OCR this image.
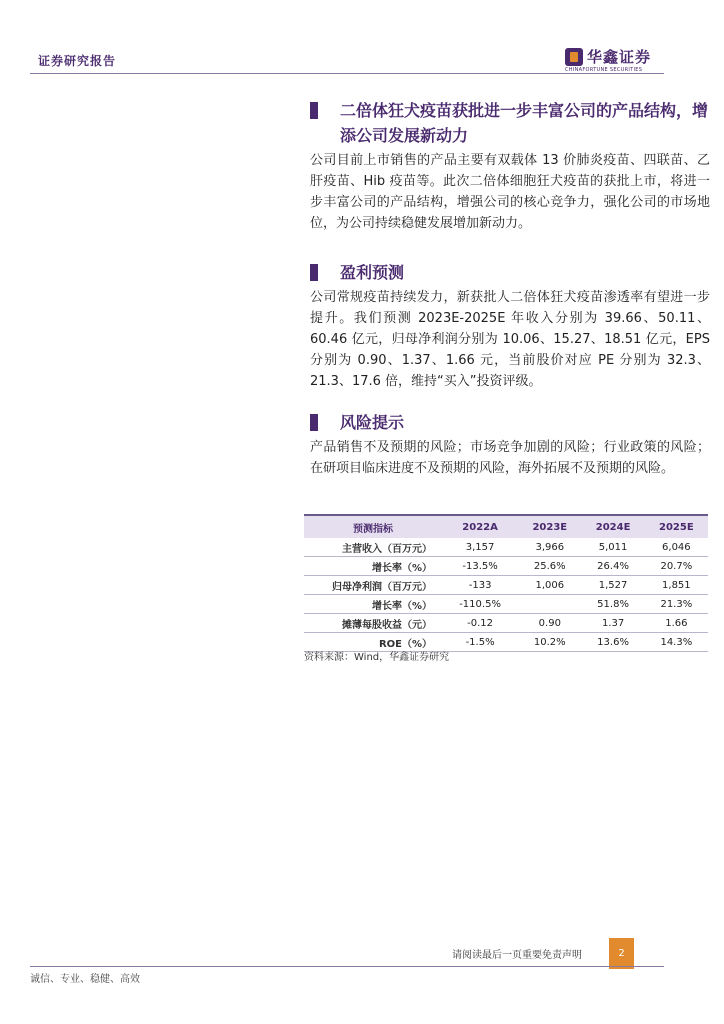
证券研究报告	华鑫证券
CHINAFORTUNE SECURITIES
二倍体狂犬疫苗获批进一步丰富公司的产品结构，增添公司发展新动力
公司目前上市销售的产品主要有双载体 13 价肺炎疫苗、四联苗、乙肝疫苗、Hib 疫苗等。此次二倍体细胞狂犬疫苗的获批上市，将进一步丰富公司的产品结构，增强公司的核心竞争力，强化公司的市场地位，为公司持续稳健发展增加新动力。
盈利预测
公司常规疫苗持续发力，新获批人二倍体狂犬疫苗渗透率有望进一步提升。我们预测 2023E-2025E 年收入分别为 39.66、50.11、60.46 亿元，归母净利润分别为 10.06、15.27、18.51 亿元，EPS 分别为 0.90、1.37、1.66 元，当前股价对应 PE 分别为 32.3、21.3、17.6 倍，维持“买入”投资评级。
风险提示
产品销售不及预期的风险；市场竞争加剧的风险；行业政策的风险；在研项目临床进度不及预期的风险，海外拓展不及预期的风险。
预测指标	2022A	2023E	2024E	2025E
主营收入（百万元）	3,157	3,966	5,011	6,046
增长率（%）	-13.5%	25.6%	26.4%	20.7%
归母净利润（百万元）	-133	1,006	1,527	1,851
增长率（%）	-110.5%		51.8%	21.3%
摊薄每股收益（元）	-0.12	0.90	1.37	1.66
ROE（%）	-1.5%	10.2%	13.6%	14.3%
资料来源：Wind，华鑫证券研究
请阅读最后一页重要免责声明	2
诚信、专业、稳健、高效
